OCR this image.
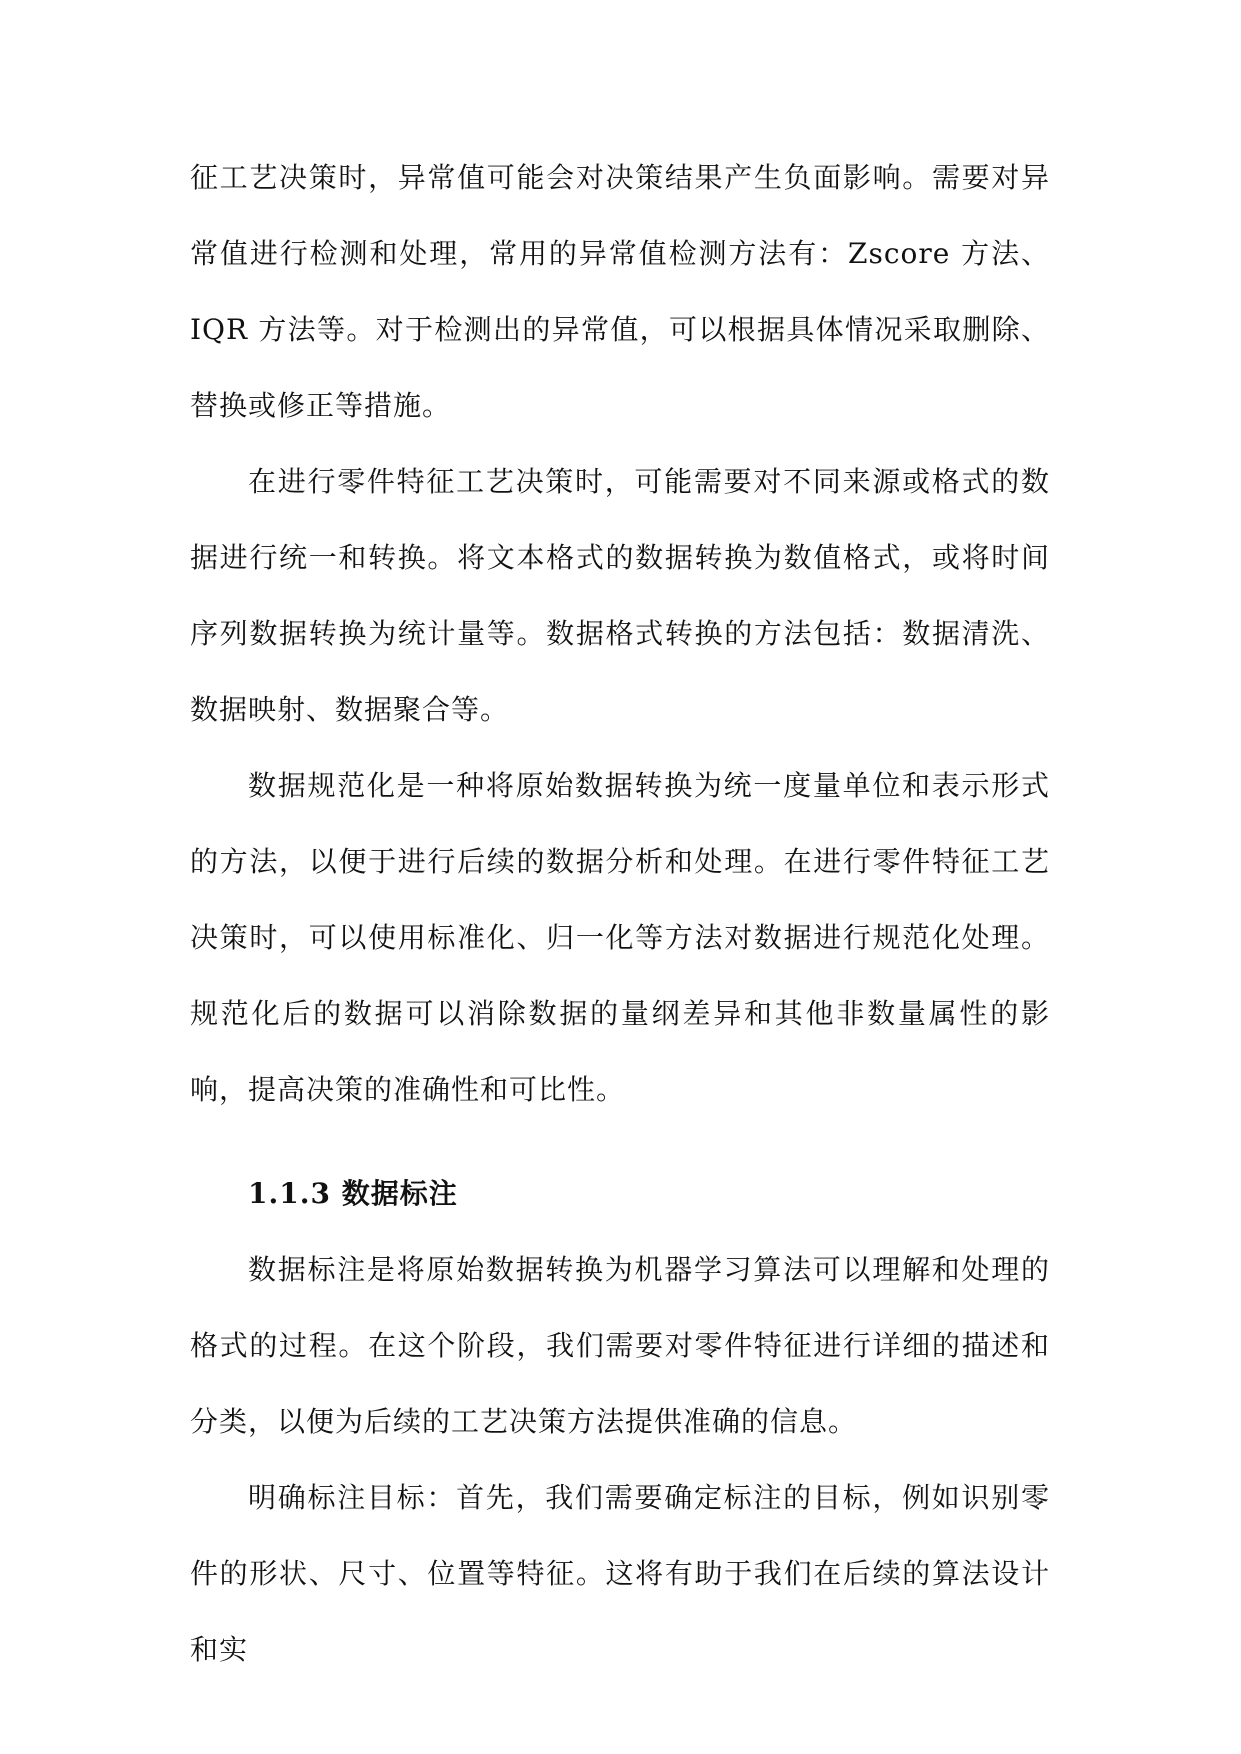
征工艺决策时，异常值可能会对决策结果产生负面影响。需要对异常值进行检测和处理，常用的异常值检测方法有：Zscore 方法、IQR 方法等。对于检测出的异常值，可以根据具体情况采取删除、替换或修正等措施。

在进行零件特征工艺决策时，可能需要对不同来源或格式的数据进行统一和转换。将文本格式的数据转换为数值格式，或将时间序列数据转换为统计量等。数据格式转换的方法包括：数据清洗、数据映射、数据聚合等。

数据规范化是一种将原始数据转换为统一度量单位和表示形式的方法，以便于进行后续的数据分析和处理。在进行零件特征工艺决策时，可以使用标准化、归一化等方法对数据进行规范化处理。规范化后的数据可以消除数据的量纲差异和其他非数量属性的影响，提高决策的准确性和可比性。

1.1.3 数据标注

数据标注是将原始数据转换为机器学习算法可以理解和处理的格式的过程。在这个阶段，我们需要对零件特征进行详细的描述和分类，以便为后续的工艺决策方法提供准确的信息。

明确标注目标：首先，我们需要确定标注的目标，例如识别零件的形状、尺寸、位置等特征。这将有助于我们在后续的算法设计和实
